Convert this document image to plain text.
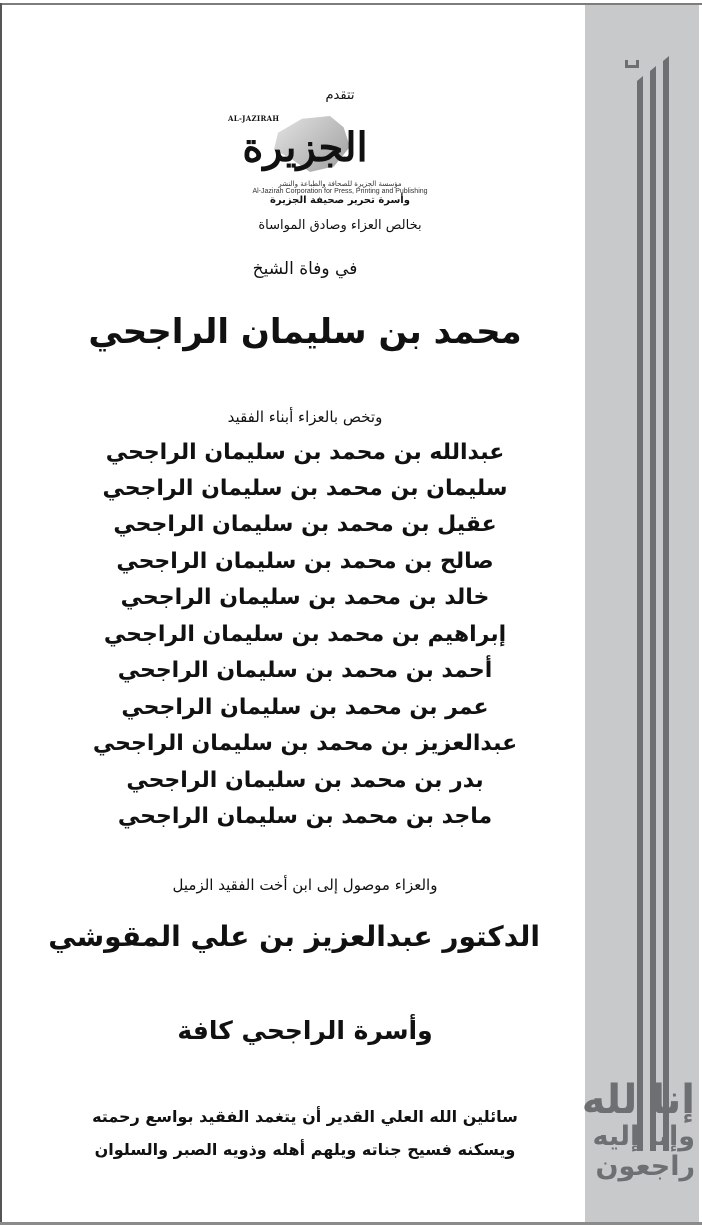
إنا لله
وإنا إليه
راجعون
تتقدم
AL-JAZIRAH
الجزيرة
مؤسسة الجزيرة للصحافة والطباعة والنشر
Al-Jazirah Corporation for Press, Printing and Publishing
وأسرة تحرير صحيفة الجزيرة
بخالص العزاء وصادق المواساة
في وفاة الشيخ
محمد بن سليمان الراجحي
وتخص بالعزاء أبناء الفقيد
عبدالله بن محمد بن سليمان الراجحي
سليمان بن محمد بن سليمان الراجحي
عقيل بن محمد بن سليمان الراجحي
صالح بن محمد بن سليمان الراجحي
خالد بن محمد بن سليمان الراجحي
إبراهيم بن محمد بن سليمان الراجحي
أحمد بن محمد بن سليمان الراجحي
عمر بن محمد بن سليمان الراجحي
عبدالعزيز بن محمد بن سليمان الراجحي
بدر بن محمد بن سليمان الراجحي
ماجد بن محمد بن سليمان الراجحي
والعزاء موصول إلى ابن أخت الفقيد الزميل
الدكتور عبدالعزيز بن علي المقوشي
وأسرة الراجحي كافة
سائلين الله العلي القدير أن يتغمد الفقيد بواسع رحمته
ويسكنه فسيح جناته ويلهم أهله وذويه الصبر والسلوان
